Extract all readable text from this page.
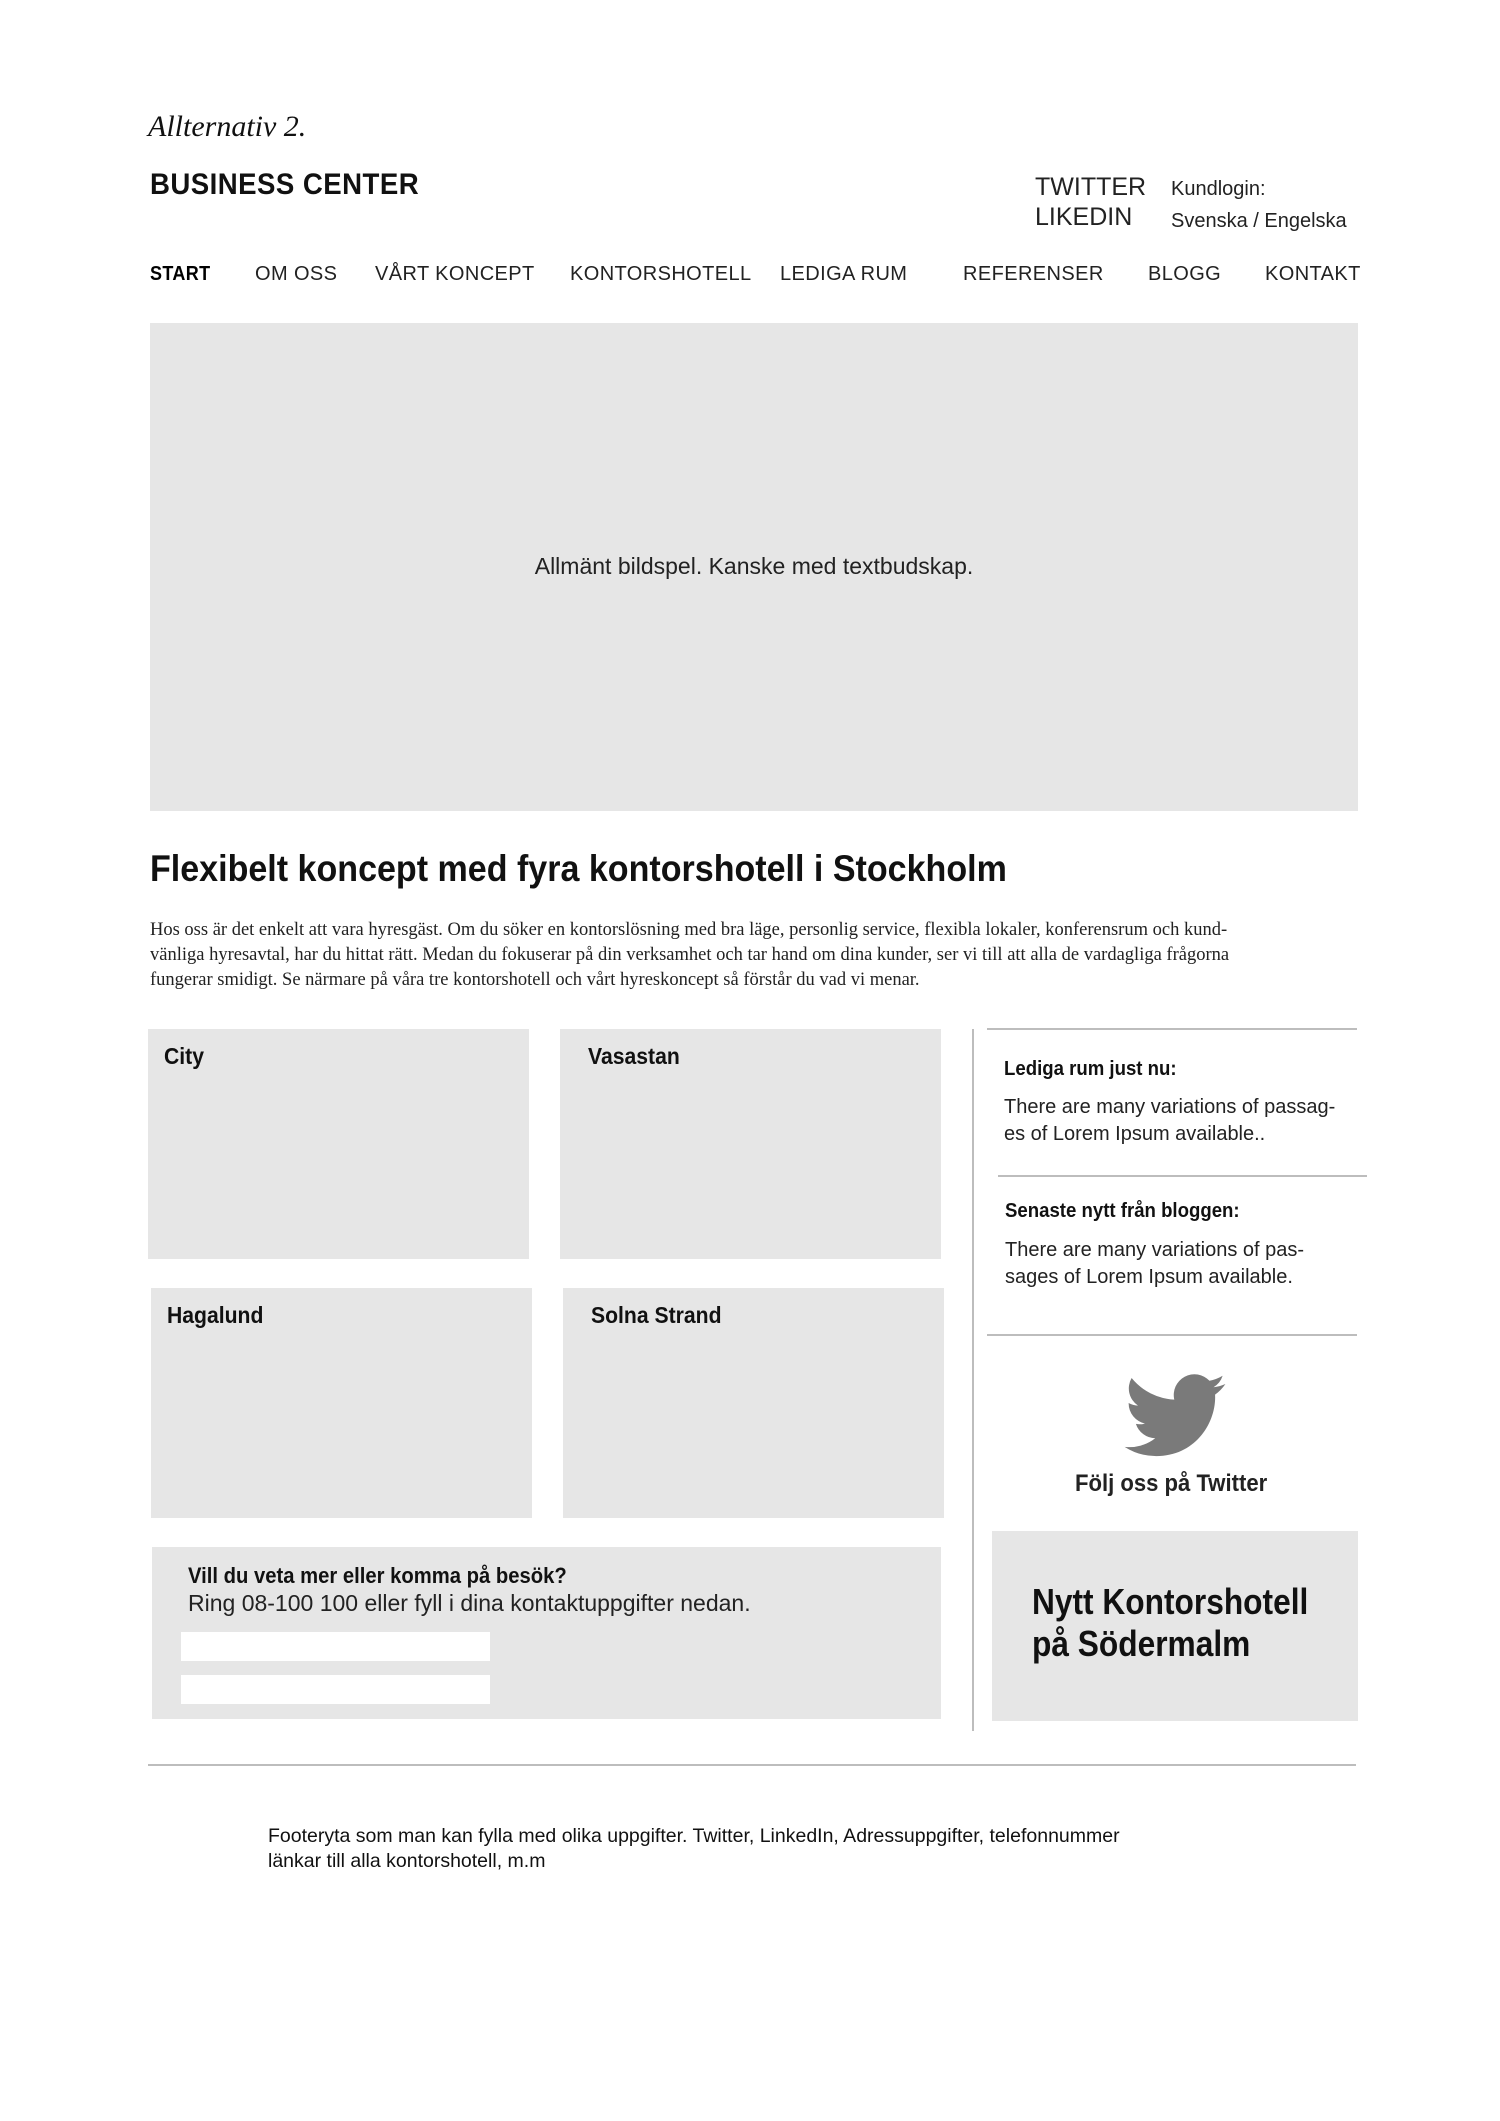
Allternativ 2.
BUSINESS CENTER	TWITTER
LIKEDIN
Kundlogin:
Svenska / Engelska
START OM OSS VÅRT KONCEPT KONTORSHOTELL LEDIGA RUM	REFERENSER BLOGG KONTAKT
Allmänt bildspel. Kanske med textbudskap.
Flexibelt koncept med fyra kontorshotell i Stockholm
Hos oss är det enkelt att vara hyresgäst. Om du söker en kontorslösning med bra läge, personlig service, flexibla lokaler, konferensrum och kund-
vänliga hyresavtal, har du hittat rätt. Medan du fokuserar på din verksamhet och tar hand om dina kunder, ser vi till att alla de vardagliga frågorna
fungerar smidigt. Se närmare på våra tre kontorshotell och vårt hyreskoncept så förstår du vad vi menar.
City	Vasastan
Hagalund	Solna Strand
Vill du veta mer eller komma på besök?
Ring 08-100 100 eller fyll i dina kontaktuppgifter nedan.
Lediga rum just nu:
There are many variations of passag-
es of Lorem Ipsum available..
Senaste nytt från bloggen:
There are many variations of pas-
sages of Lorem Ipsum available.
Följ oss på Twitter
Nytt Kontorshotell
på Södermalm
Footeryta som man kan fylla med olika uppgifter. Twitter, LinkedIn, Adressuppgifter, telefonnummer
länkar till alla kontorshotell, m.m
